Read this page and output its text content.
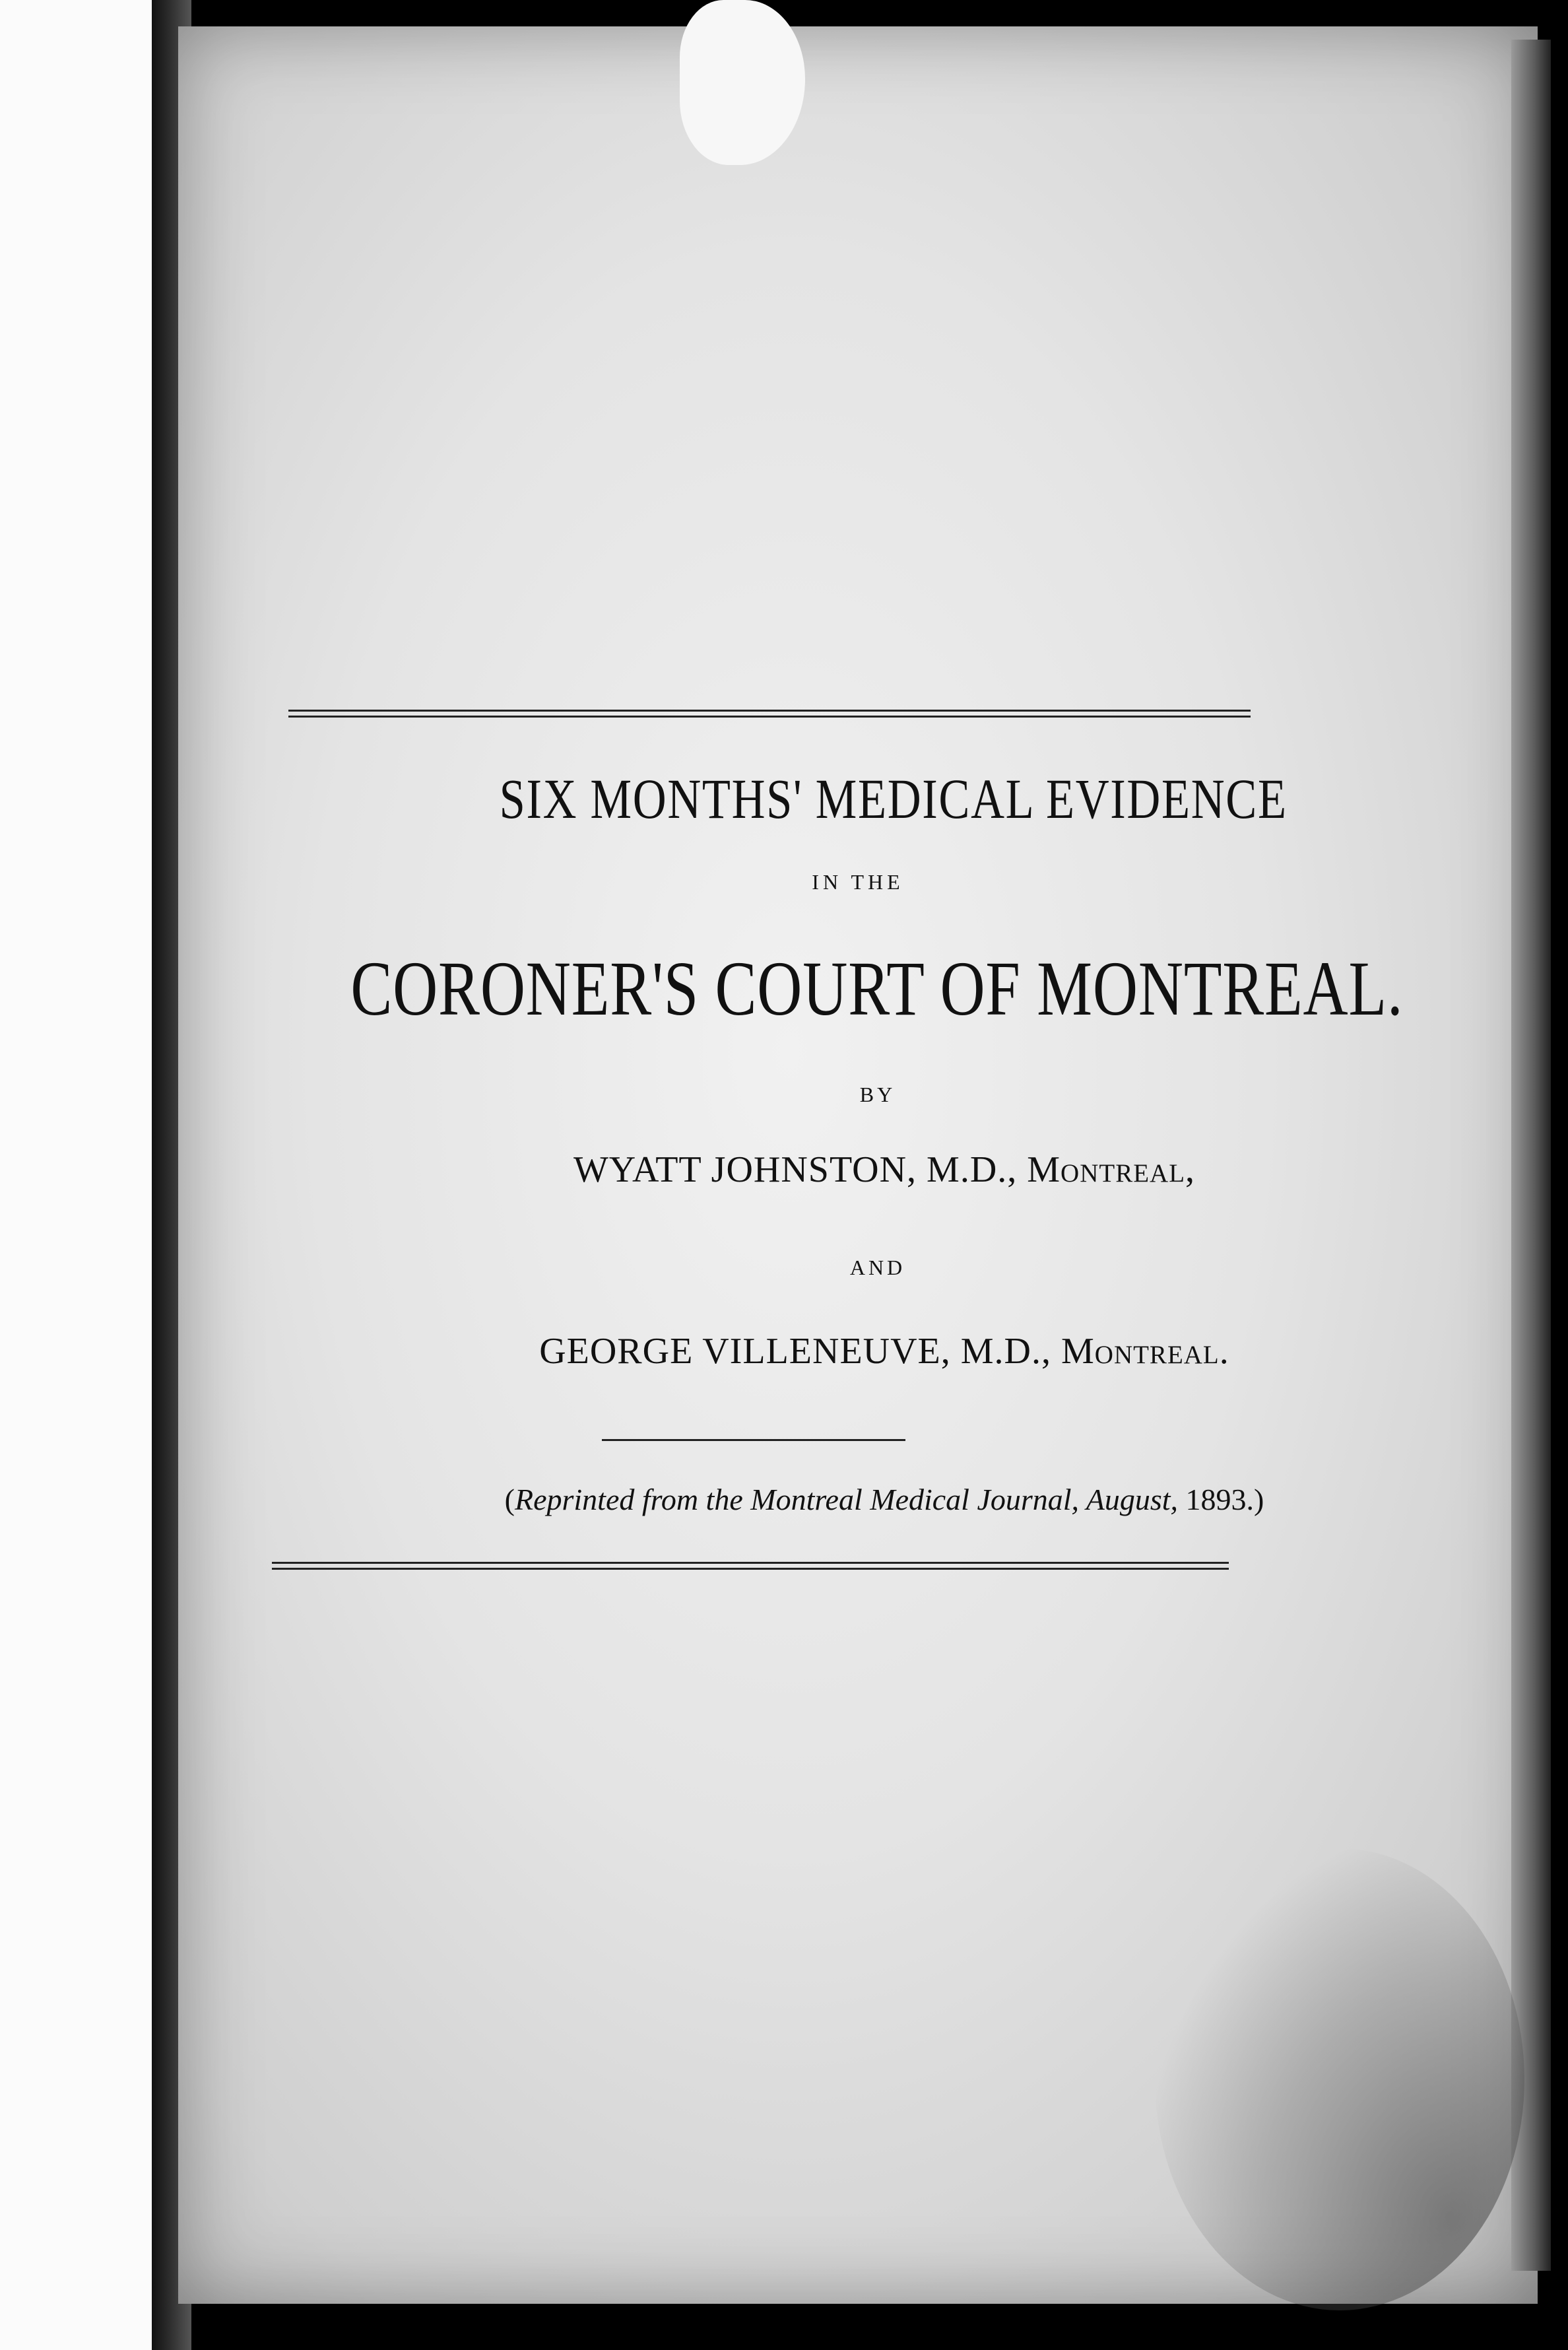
SIX MONTHS' MEDICAL EVIDENCE
IN THE
CORONER'S COURT OF MONTREAL.
BY
WYATT JOHNSTON, M.D., Montreal,
AND
GEORGE VILLENEUVE, M.D., Montreal.
(Reprinted from the Montreal Medical Journal, August, 1893.)
